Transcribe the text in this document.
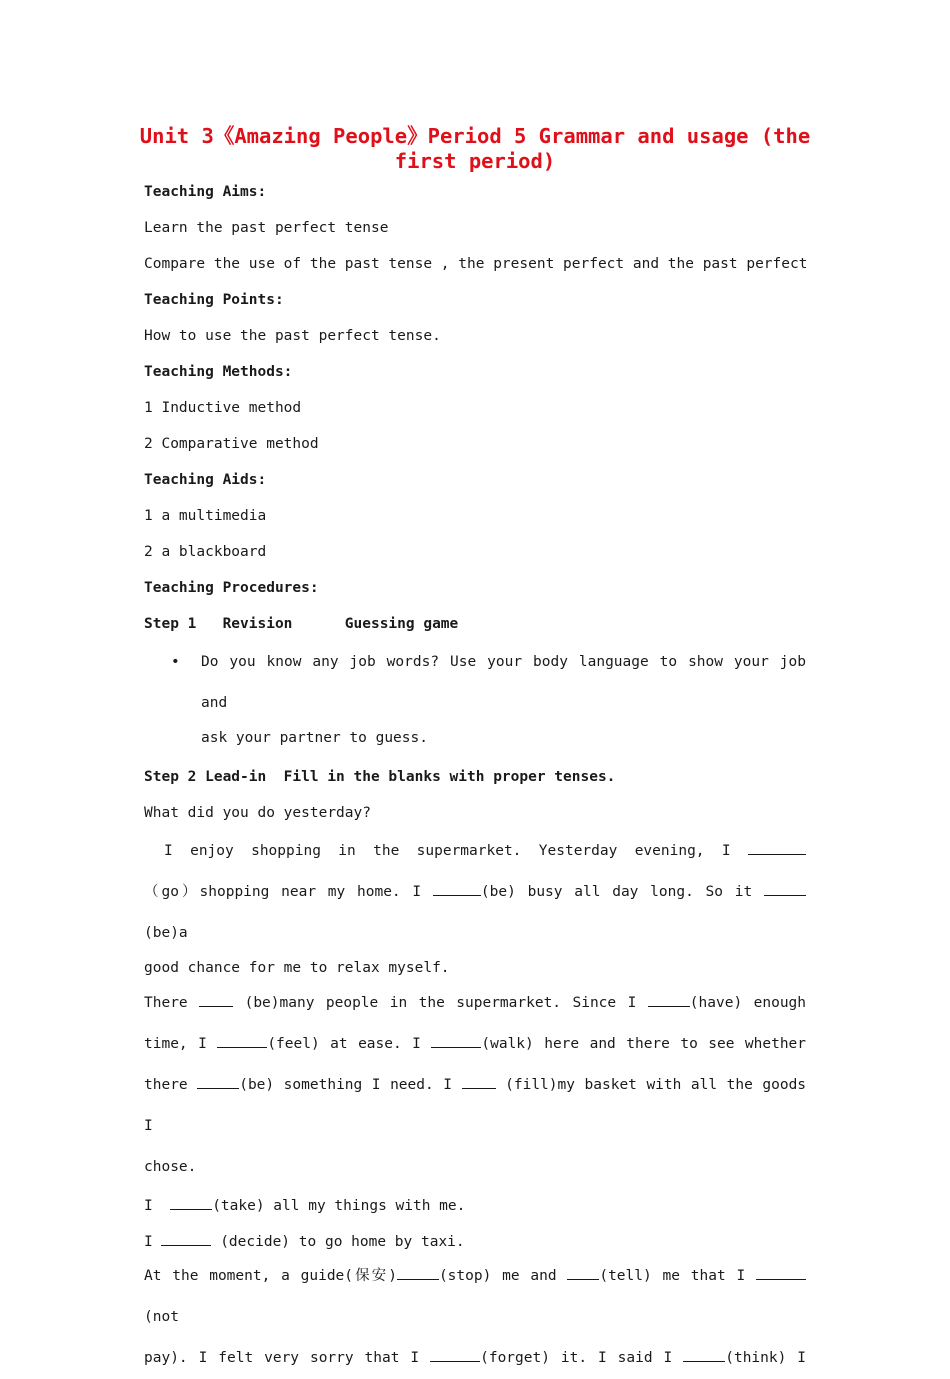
Unit 3《Amazing People》Period 5 Grammar and usage (the first period)
Teaching Aims:
Learn the past perfect tense
Compare the use of the past tense , the present perfect and the past perfect
Teaching Points:
How to use the past perfect tense.
Teaching Methods:
1 Inductive method
2 Comparative method
Teaching Aids:
1 a multimedia
2 a blackboard
Teaching Procedures:
Step 1   Revision      Guessing game
• Do you know any job words? Use your body language to show your job and
ask your partner to guess.
Step 2 Lead-in  Fill in the blanks with proper tenses.
What did you do yesterday?
I enjoy shopping in the supermarket. Yesterday evening, I
（go）shopping near my home. I	(be) busy all day long. So it  (be)a
good chance for me to relax myself.
There	(be)many people in the supermarket. Since I	(have) enough
time, I	(feel) at ease. I	(walk) here and there to see whether
there	(be) something I need. I	(fill)my basket with all the goods I
chose.
I	(take) all my things with me.
I	(decide) to go home by taxi.
At the moment, a guide(保安)	(stop) me and	(tell) me that I (not
pay). I felt very sorry that I	(forget) it. I said I	(think) I
